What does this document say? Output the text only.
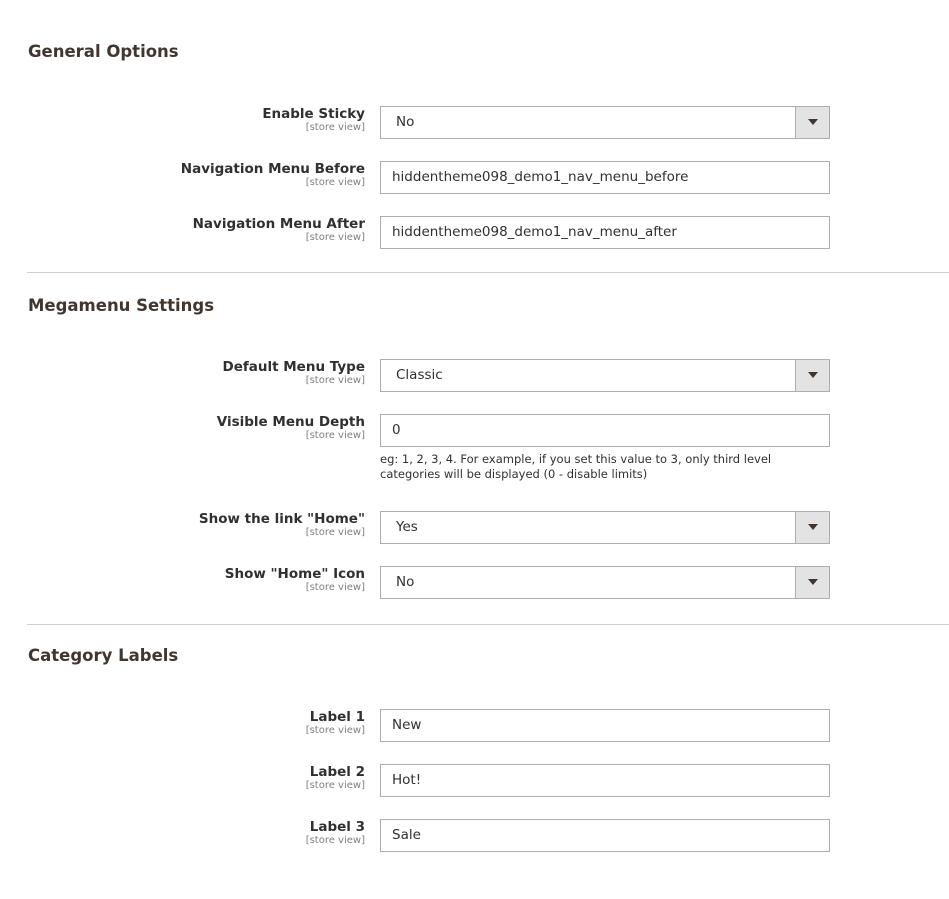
General Options
Enable Sticky
[store view] No
Navigation Menu Before
[store view] hiddentheme098_demo1_nav_menu_before
Navigation Menu After
[store view] hiddentheme098_demo1_nav_menu_after
Megamenu Settings
Default Menu Type
[store view] Classic
Visible Menu Depth
[store view] 0
eg: 1, 2, 3, 4. For example, if you set this value to 3, only third level categories will be displayed (0 - disable limits)
Show the link "Home"
[store view] Yes
Show "Home" Icon
[store view] No
Category Labels
Label 1
[store view] New
Label 2
[store view] Hot!
Label 3
[store view] Sale
